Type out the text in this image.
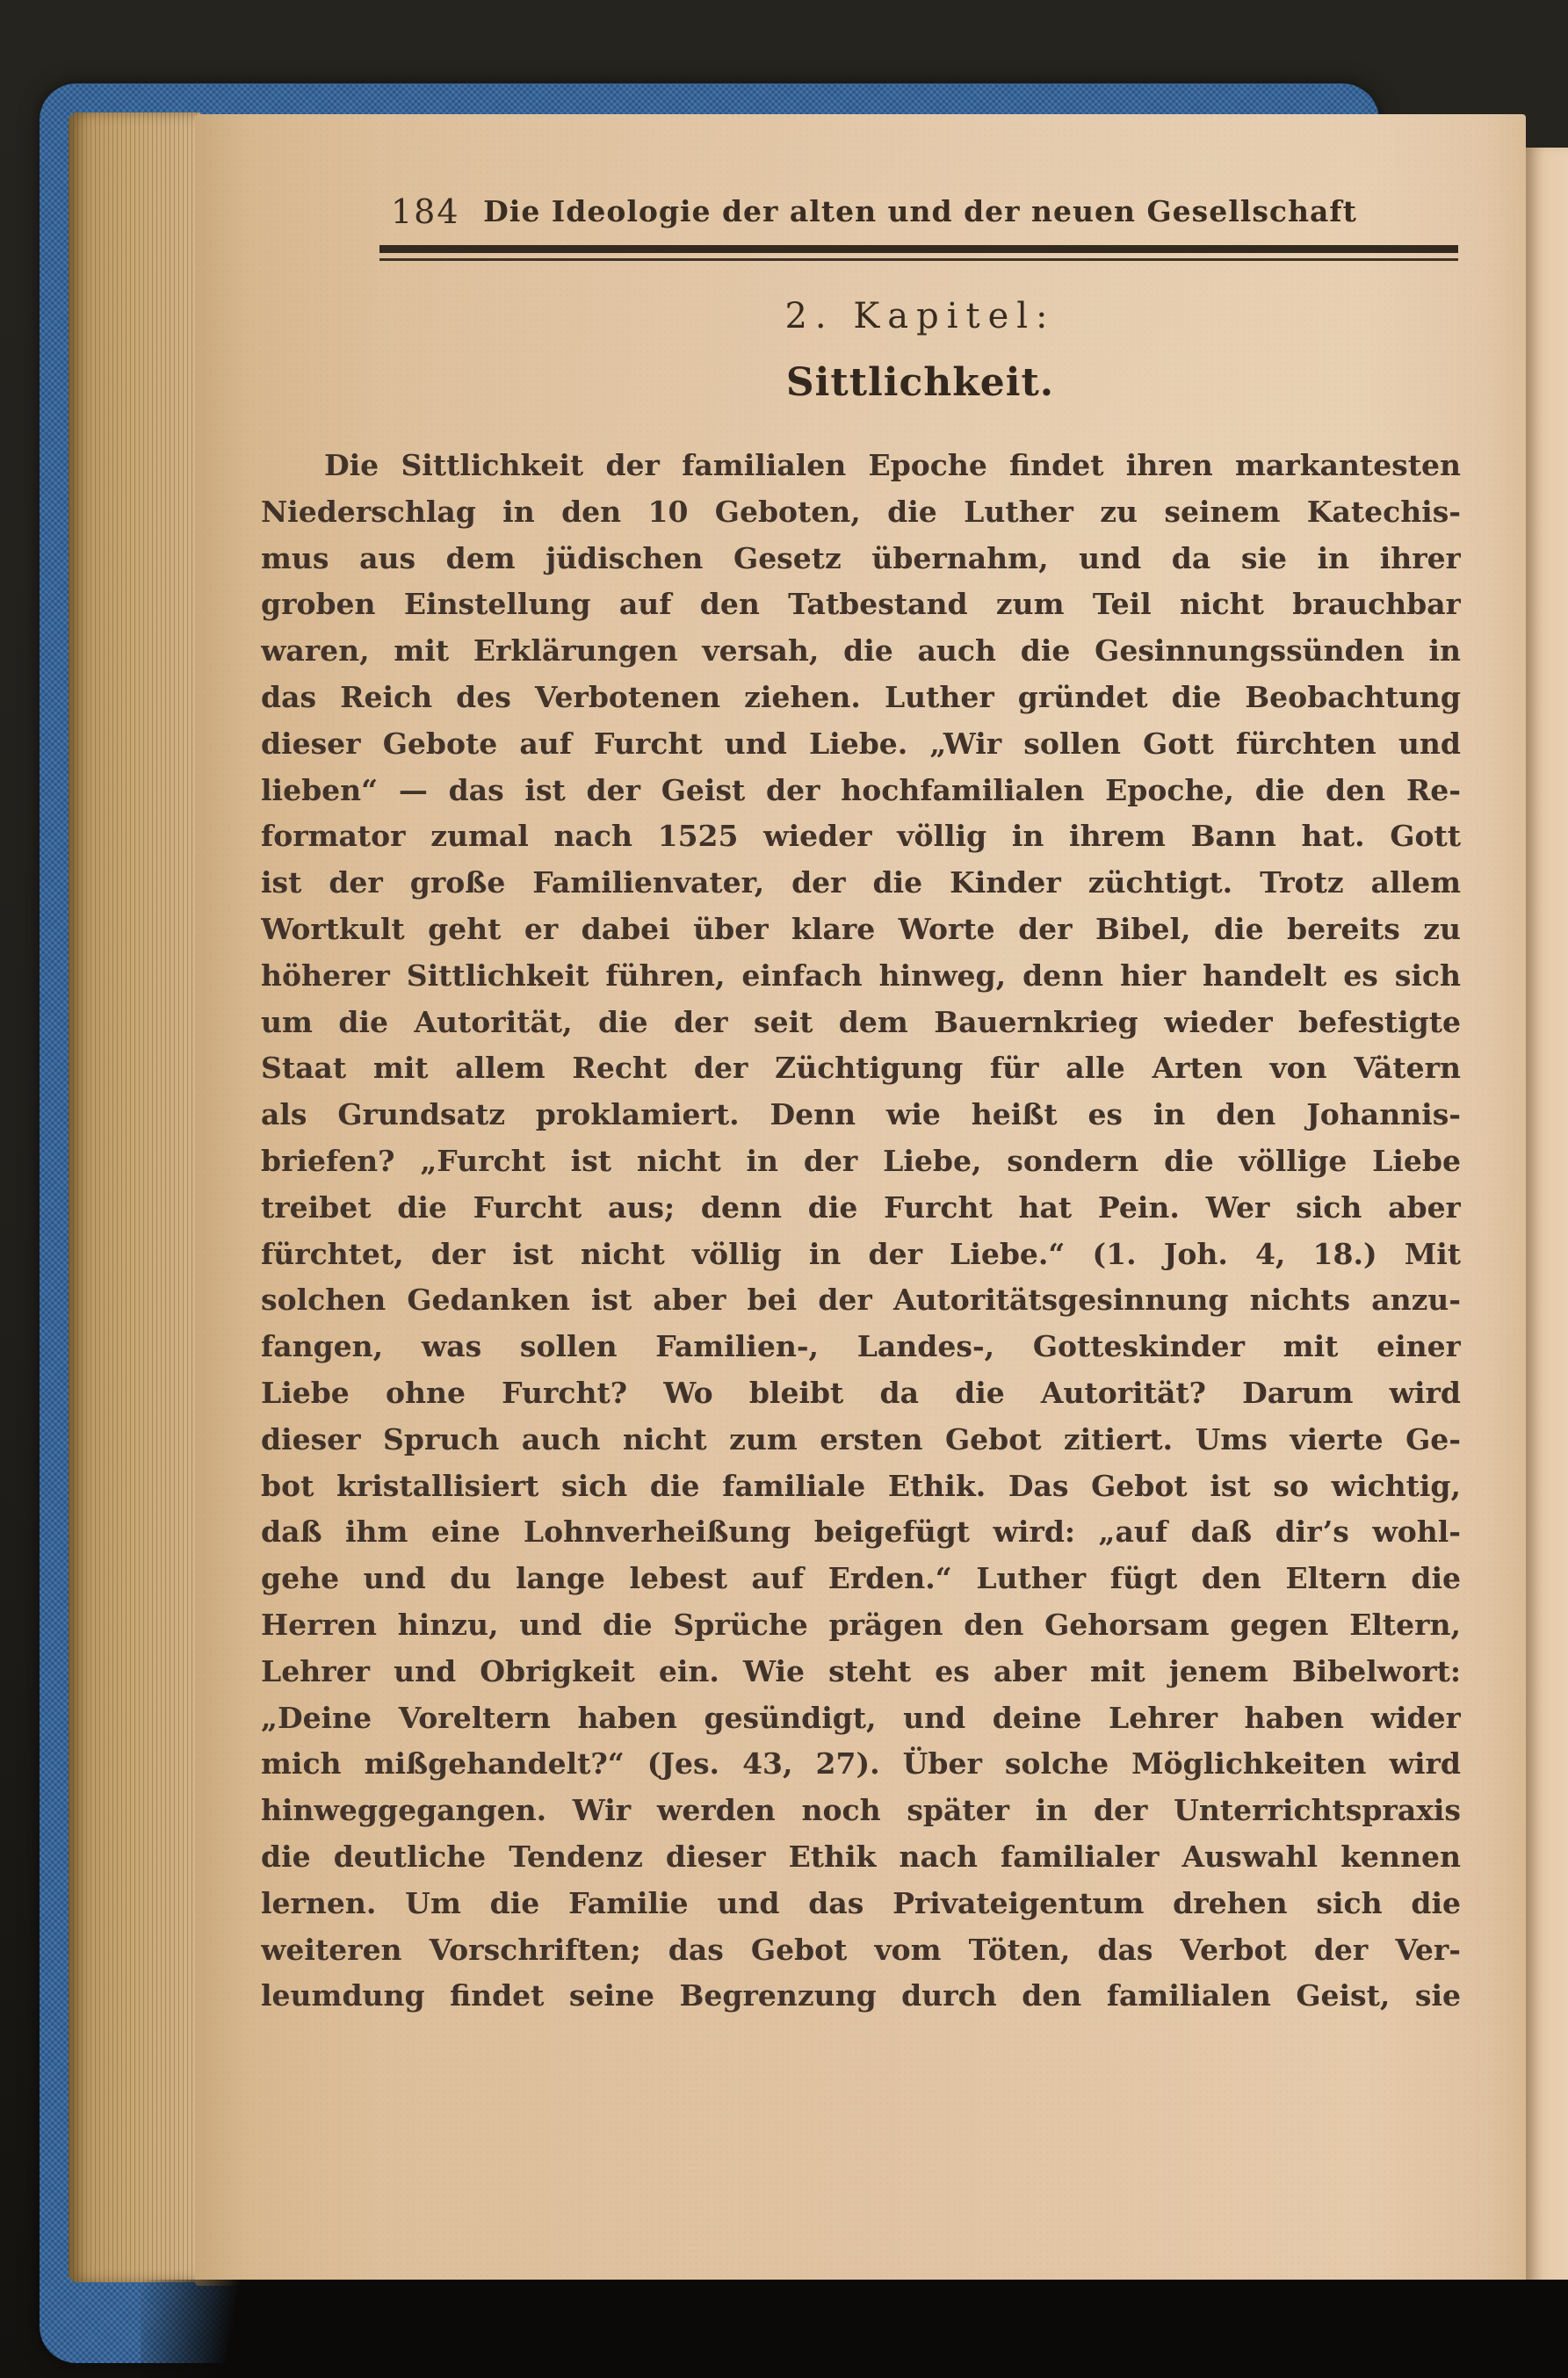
184 Die Ideologie der alten und der neuen Gesellschaft
2. Kapitel:
Sittlichkeit.
Die Sittlichkeit der familialen Epoche findet ihren markantesten
Niederschlag in den 10 Geboten, die Luther zu seinem Katechis-
mus aus dem jüdischen Gesetz übernahm, und da sie in ihrer
groben Einstellung auf den Tatbestand zum Teil nicht brauchbar
waren, mit Erklärungen versah, die auch die Gesinnungssünden in
das Reich des Verbotenen ziehen. Luther gründet die Beobachtung
dieser Gebote auf Furcht und Liebe. „Wir sollen Gott fürchten und
lieben“ — das ist der Geist der hochfamilialen Epoche, die den Re-
formator zumal nach 1525 wieder völlig in ihrem Bann hat. Gott
ist der große Familienvater, der die Kinder züchtigt. Trotz allem
Wortkult geht er dabei über klare Worte der Bibel, die bereits zu
höherer Sittlichkeit führen, einfach hinweg, denn hier handelt es sich
um die Autorität, die der seit dem Bauernkrieg wieder befestigte
Staat mit allem Recht der Züchtigung für alle Arten von Vätern
als Grundsatz proklamiert. Denn wie heißt es in den Johannis-
briefen? „Furcht ist nicht in der Liebe, sondern die völlige Liebe
treibet die Furcht aus; denn die Furcht hat Pein. Wer sich aber
fürchtet, der ist nicht völlig in der Liebe.“ (1. Joh. 4, 18.) Mit
solchen Gedanken ist aber bei der Autoritätsgesinnung nichts anzu-
fangen, was sollen Familien-, Landes-, Gotteskinder mit einer
Liebe ohne Furcht? Wo bleibt da die Autorität? Darum wird
dieser Spruch auch nicht zum ersten Gebot zitiert. Ums vierte Ge-
bot kristallisiert sich die familiale Ethik. Das Gebot ist so wichtig,
daß ihm eine Lohnverheißung beigefügt wird: „auf daß dir’s wohl-
gehe und du lange lebest auf Erden.“ Luther fügt den Eltern die
Herren hinzu, und die Sprüche prägen den Gehorsam gegen Eltern,
Lehrer und Obrigkeit ein. Wie steht es aber mit jenem Bibelwort:
„Deine Voreltern haben gesündigt, und deine Lehrer haben wider
mich mißgehandelt?“ (Jes. 43, 27). Über solche Möglichkeiten wird
hinweggegangen. Wir werden noch später in der Unterrichtspraxis
die deutliche Tendenz dieser Ethik nach familialer Auswahl kennen
lernen. Um die Familie und das Privateigentum drehen sich die
weiteren Vorschriften; das Gebot vom Töten, das Verbot der Ver-
leumdung findet seine Begrenzung durch den familialen Geist, sie
